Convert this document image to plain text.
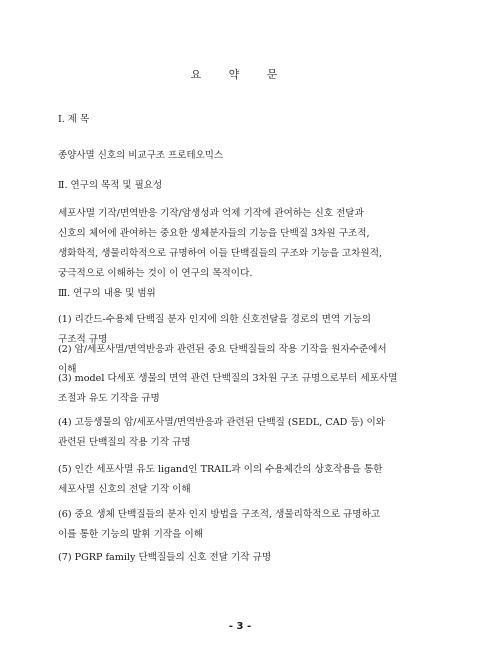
요 약 문
Ⅰ. 제 목
종양사멸 신호의 비교구조 프로테오믹스
Ⅱ. 연구의 목적 및 필요성
세포사멸 기작/면역반응 기작/암생성과 억제 기작에 관여하는 신호 전달과
신호의 체어에 관여하는 중요한 생체분자들의 기능을 단백질 3차원 구조적,
생화학적, 생물리학적으로 규명하여 이들 단백질들의 구조와 기능을 고차원적,
궁극적으로 이해하는 것이 이 연구의 목적이다.
Ⅲ. 연구의 내용 및 범위
(1) 리간드-수용체 단백질 분자 인지에 의한 신호전달을 경로의 면역 기능의
구조적 규명
(2) 암/세포사멸/면역반응과 관련된 중요 단백질들의 작용 기작을 원자수준에서
이해
(3) model 다세포 생물의 면역 관련 단백질의 3차원 구조 규명으로부터 세포사멸
조절과 유도 기작을 규명
(4) 고등생물의 암/세포사멸/면역반응과 관련된 단백질 (SEDL, CAD 등) 이와
관련된 단백질의 작용 기작 규명
(5) 인간 세포사멸 유도 ligand인 TRAIL과 이의 수용체간의 상호작용을 통한
세포사멸 신호의 전달 기작 이해
(6) 중요 생체 단백질들의 분자 인지 방법을 구조적, 생물리학적으로 규명하고
이를 통한 기능의 발휘 기작을 이해
(7) PGRP family 단백질들의 신호 전달 기작 규명
- 3 -
